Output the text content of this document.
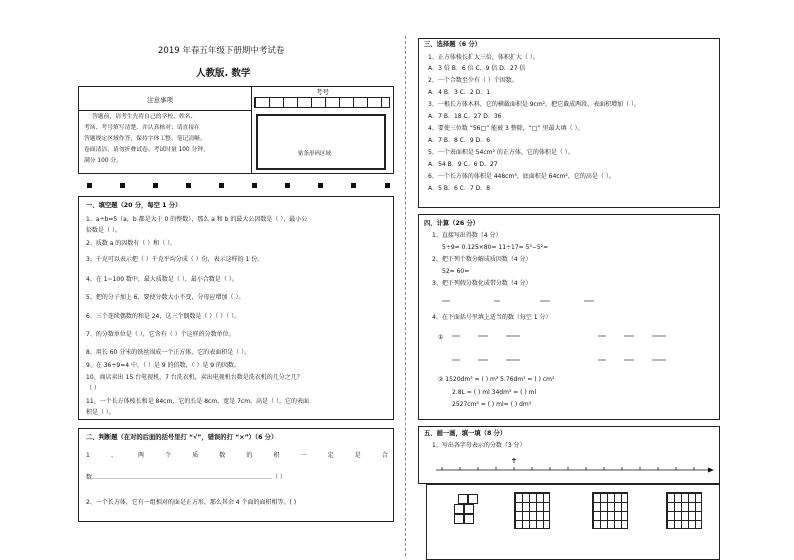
2019 年春五年级下册期中考试卷
人教版. 数学
注意事项
考号
贴条形码区域
答题前，请考生先将自己的学校、姓名、
考场、考号填写清楚，并认真核对；请直接在
答题规定区域作答，保持字体工整、笔记清晰、
卷面清洁，请勿折叠试卷。考试时量 100 分钟，
满分 100 分。
一、填空题（20 分，每空 1 分）
1、a÷b=5（a，b 都是大于 0 的整数），那么 a 和 b 的最大公因数是（ ），最小公
倍数是（ ）。
2、质数 a 的因数有（ ）和（ ）。
3、千克可以表示把（ ）千克平均分成（ ）份，表示这样的 1 份。
4、在 1~100 数中，最大质数是（ ），最小合数是（ ）。
5、把的分子加上 6，要使分数大小不变，分母应增加（ ）。
6、三个连续偶数的和是 24，这三个偶数是（ ）（ ）（ ）。
7、的分数单位是（ ），它含有（ ）个这样的分数单位。
8、用长 60 分米的铁丝围成一个正方体，它的表面积是（ ）。
9、在 36÷9=4 中，（ ）是 9 的倍数，（ ）是 9 的因数。
10、商店卖出 15 台电视机，7 台洗衣机，卖出电视机台数是洗衣机的几分之几？
（ ）
11、一个长方体棱长和是 84cm，它的长是 8cm，宽是 7cm，高是（ ），它的表面
积是（ ）。
二、判断题（在对的后面的括号里打 “√”，错误的打 “×”）（6 分）
1	、	两	个	质	数	的	积	一	定	是	合
数………………………………………………………………………………（ ）
2、一个长方体，它有一组相对的面是正方形，那么其余 4 个面的面积相等。( )
三、选择题（6 分）
1、正方体棱长扩大三倍，体积扩大（ ）。
A．3 倍 B．6 倍 C．9 倍 D．27 倍
2、一个合数至少有（ ）个因数。
A．4 B．3 C．2 D．1
3、一根长方体木料，它的横截面积是 9cm²，把它截成两段，表面积增加（ ）。
A．7 B．18 C．27 D．36
4、要使三位数 “56□” 能被 3 整除，“□” 里最大填（ ）。
A．7 B．8 C．9 D．6
5、一个表面积是 54cm² 的正方体，它的体积是（ ）。
A．54 B．9 C．6 D．27
6、一个长方体的体积是 448cm³，底面积是 64cm²，它的高是（ ）。
A．5 B．6 C．7 D．8
四、计算（26 分）
1、直接写出得数（4 分）
5÷9= 0.125×80= 11÷17= 5³−5²=
2、把下列个数分解成质因数（4 分）
52= 60=
3、把下列假分数化成带分数（4 分）
4、在下面括号里填上适当的数（每空 1 分）
①
② 1520dm³ = ( ) m³ 5.76dm³ = ( ) cm³
2.8L = ( ) ml 34dm³ = ( ) ml
2527cm³ = ( ) ml= ( ) dm³
五、画一画，填一填（8 分）
1、写出各字母表示的分数（3 分）
